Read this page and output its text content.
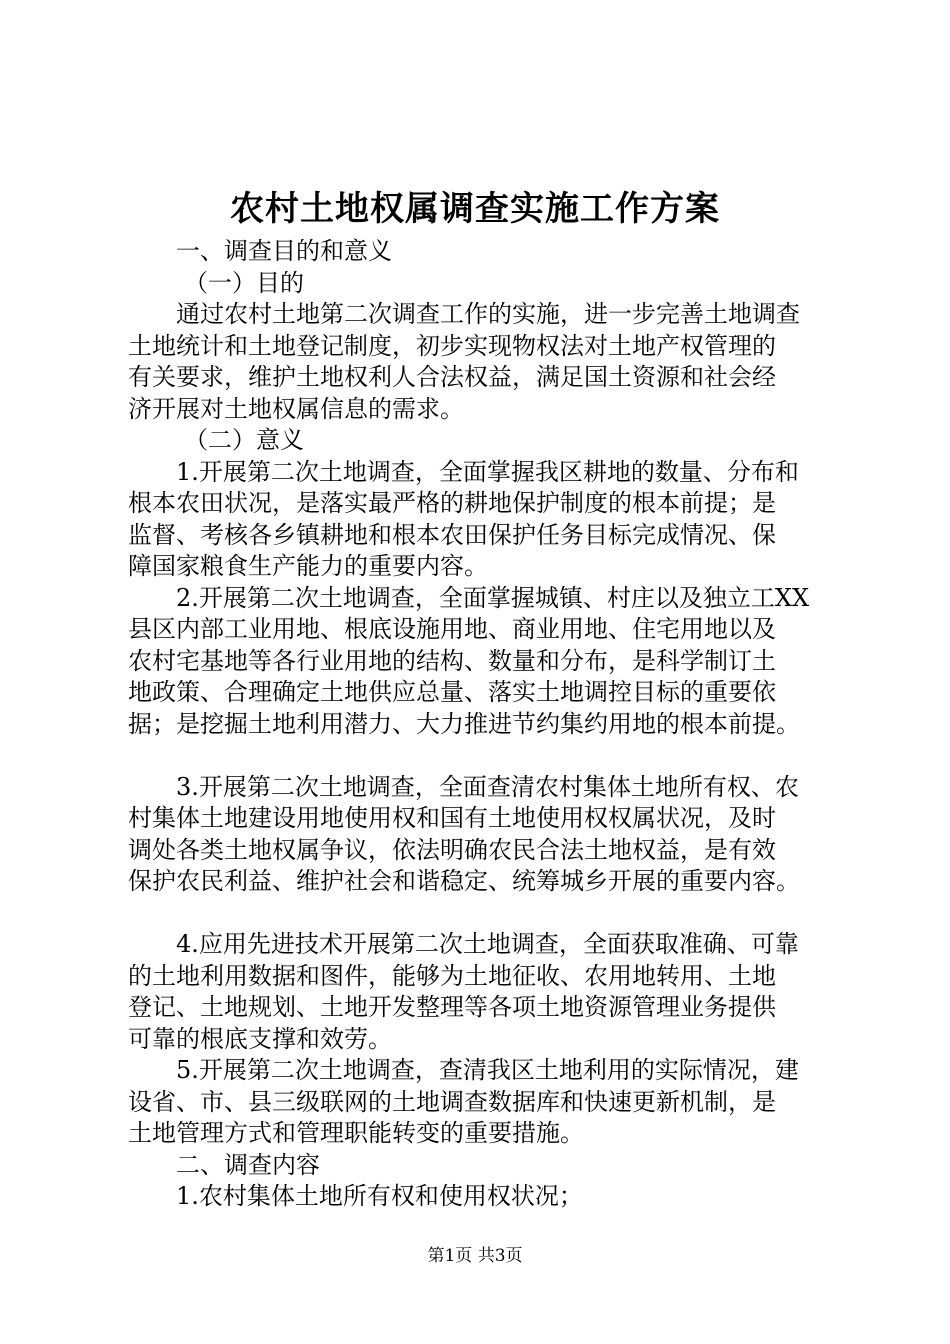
农村土地权属调查实施工作方案
一、调查目的和意义
（一）目的
通过农村土地第二次调查工作的实施，进一步完善土地调查
土地统计和土地登记制度，初步实现物权法对土地产权管理的
有关要求，维护土地权利人合法权益，满足国土资源和社会经
济开展对土地权属信息的需求。
（二）意义
1.开展第二次土地调查，全面掌握我区耕地的数量、分布和
根本农田状况，是落实最严格的耕地保护制度的根本前提；是
监督、考核各乡镇耕地和根本农田保护任务目标完成情况、保
障国家粮食生产能力的重要内容。
2.开展第二次土地调查，全面掌握城镇、村庄以及独立工XX
县区内部工业用地、根底设施用地、商业用地、住宅用地以及
农村宅基地等各行业用地的结构、数量和分布，是科学制订土
地政策、合理确定土地供应总量、落实土地调控目标的重要依
据；是挖掘土地利用潜力、大力推进节约集约用地的根本前提。
3.开展第二次土地调查，全面查清农村集体土地所有权、农
村集体土地建设用地使用权和国有土地使用权权属状况，及时
调处各类土地权属争议，依法明确农民合法土地权益，是有效
保护农民利益、维护社会和谐稳定、统筹城乡开展的重要内容。
4.应用先进技术开展第二次土地调查，全面获取准确、可靠
的土地利用数据和图件，能够为土地征收、农用地转用、土地
登记、土地规划、土地开发整理等各项土地资源管理业务提供
可靠的根底支撑和效劳。
5.开展第二次土地调查，查清我区土地利用的实际情况，建
设省、市、县三级联网的土地调查数据库和快速更新机制，是
土地管理方式和管理职能转变的重要措施。
二、调查内容
1.农村集体土地所有权和使用权状况；
第1页 共3页
